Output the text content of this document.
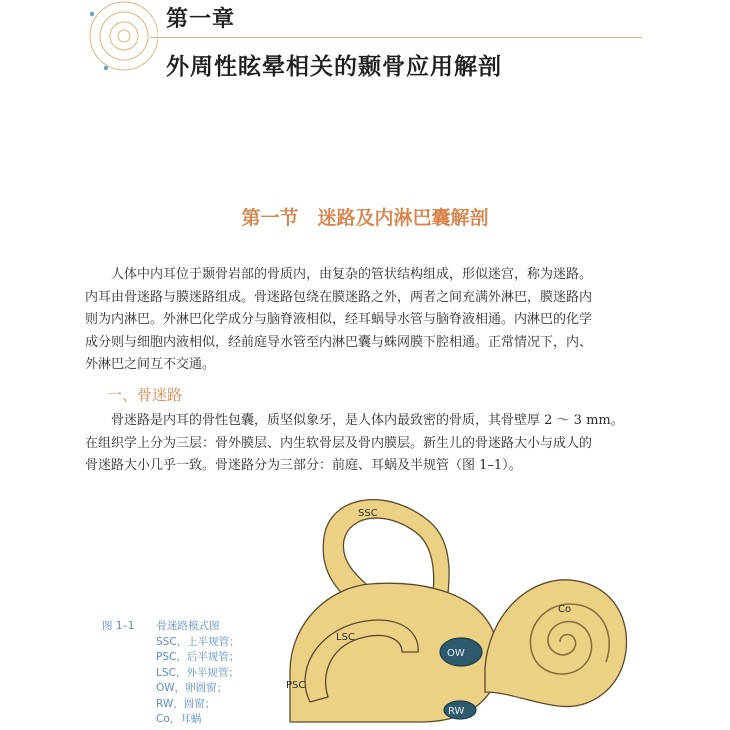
第一章
外周性眩晕相关的颞骨应用解剖
第一节　迷路及内淋巴囊解剖
人体中内耳位于颞骨岩部的骨质内，由复杂的管状结构组成，形似迷宫，称为迷路。
内耳由骨迷路与膜迷路组成。骨迷路包绕在膜迷路之外，两者之间充满外淋巴，膜迷路内
则为内淋巴。外淋巴化学成分与脑脊液相似，经耳蜗导水管与脑脊液相通。内淋巴的化学
成分则与细胞内液相似，经前庭导水管至内淋巴囊与蛛网膜下腔相通。正常情况下，内、
外淋巴之间互不交通。
一、骨迷路
骨迷路是内耳的骨性包囊，质坚似象牙，是人体内最致密的骨质，其骨壁厚 2 ～ 3 mm。
在组织学上分为三层：骨外膜层、内生软骨层及骨内膜层。新生儿的骨迷路大小与成人的
骨迷路大小几乎一致。骨迷路分为三部分：前庭、耳蜗及半规管（图 1–1）。
图 1–1 骨迷路模式图
SSC，上半规管；
PSC，后半规管；
LSC，外半规管；
OW，卵圆窗；
RW，圆窗；
Co，耳蜗
SSC
LSC
PSC
OW
RW
Co
